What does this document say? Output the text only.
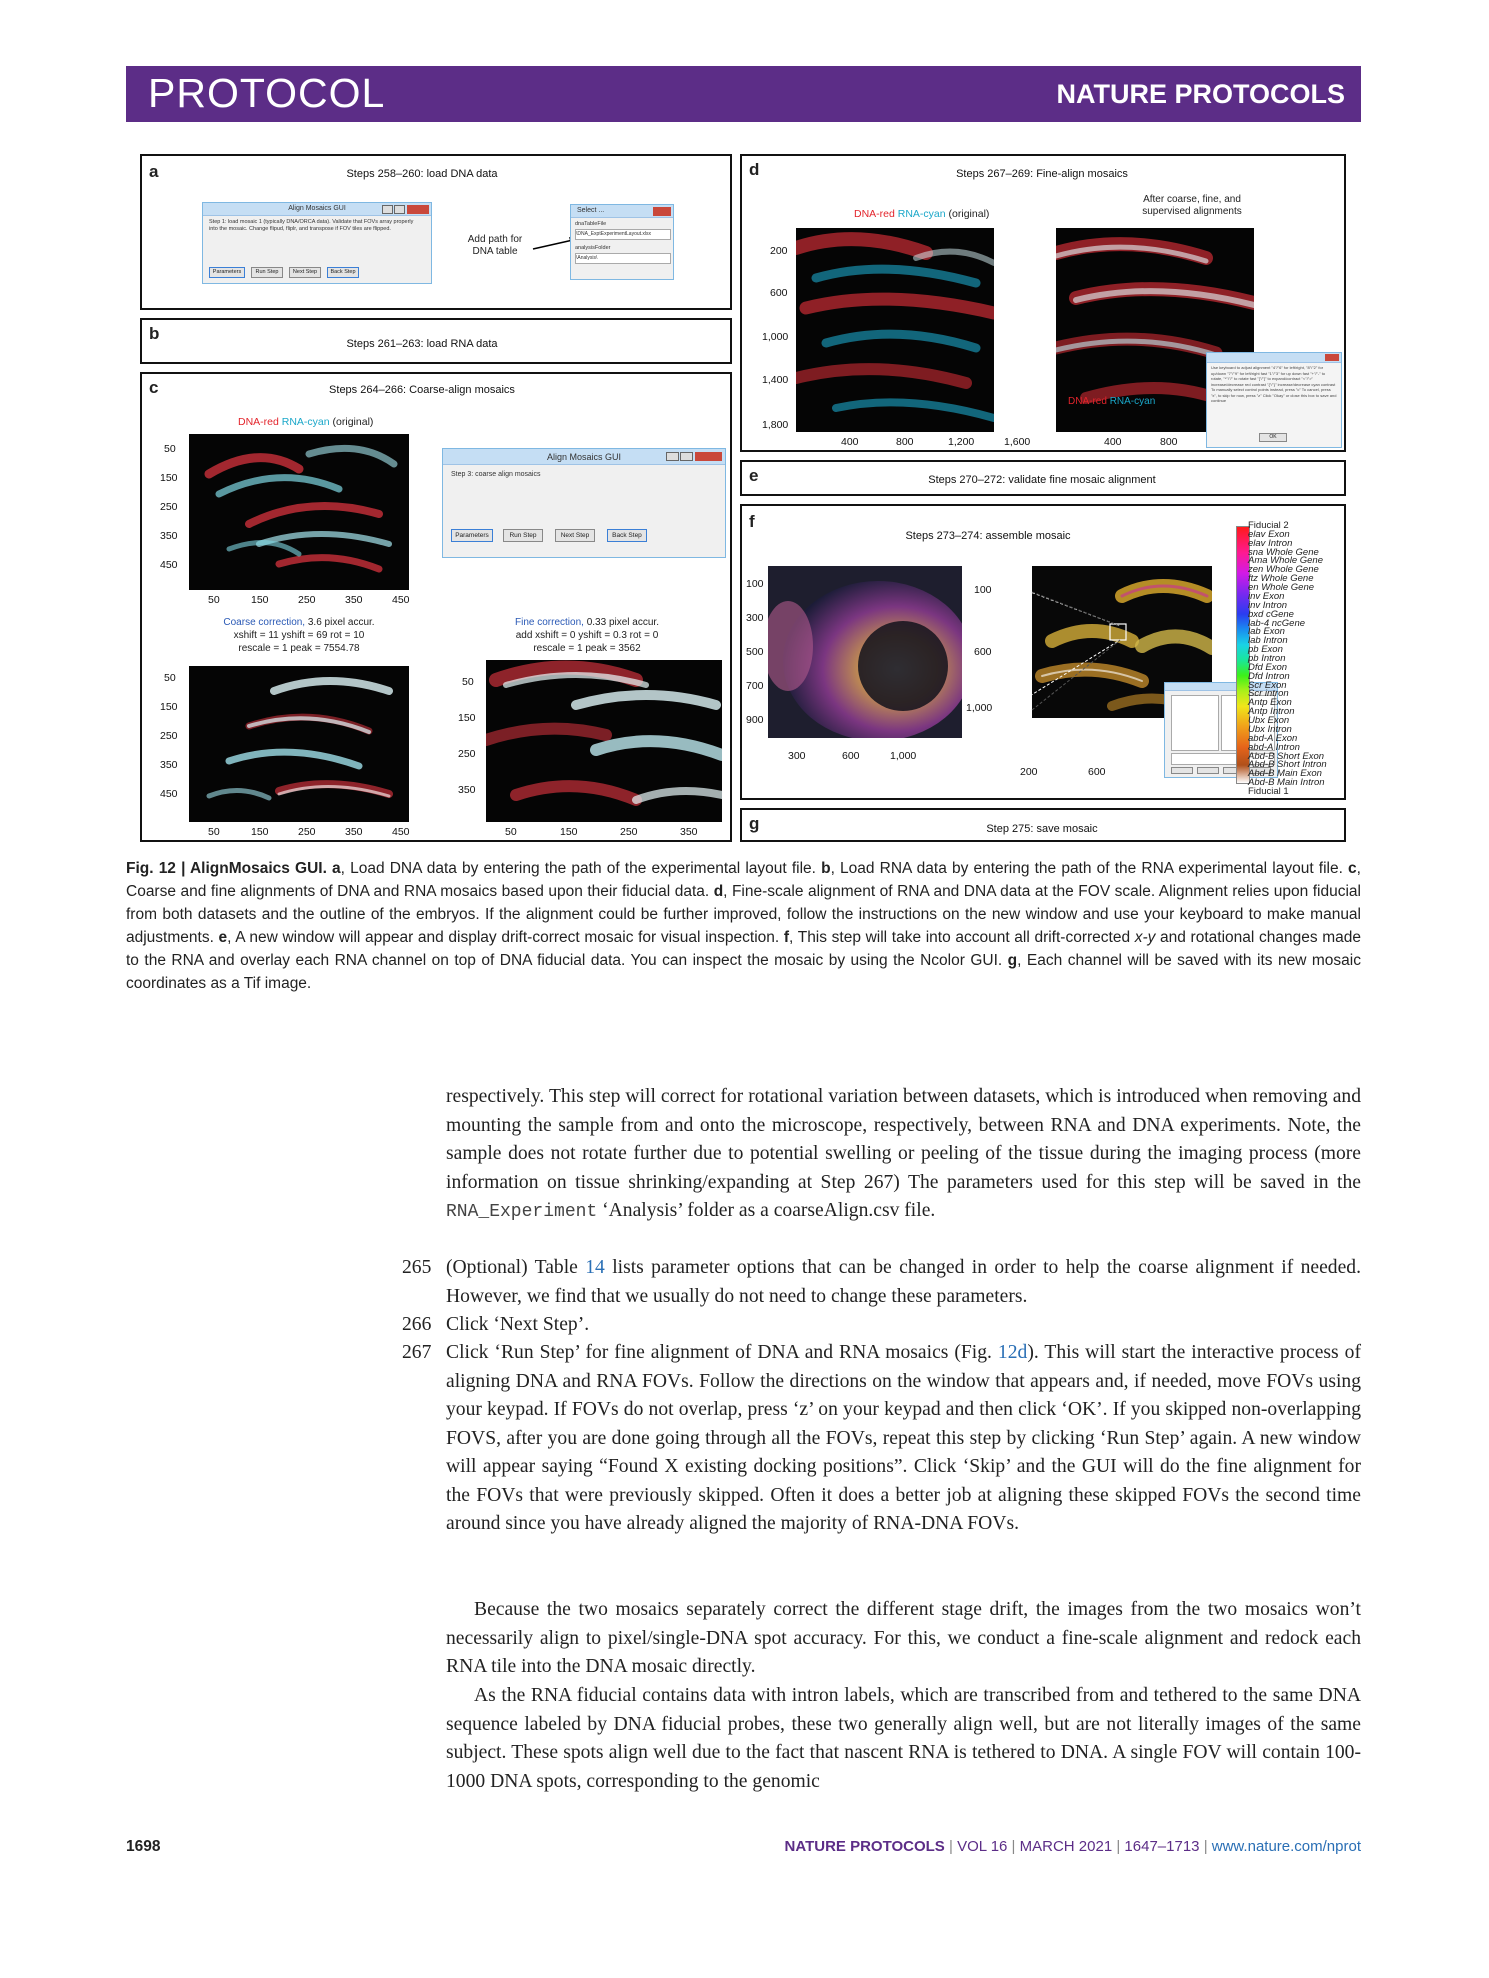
PROTOCOL	NATURE PROTOCOLS
a	Steps 258–260: load DNA data
Align Mosaics GUI
Step 1: load mosaic 1 (typically DNA/ORCA data). Validate that FOVs array properly into the mosaic. Change flipud, fliplr, and transpose if FOV tiles are flipped.
Parameters	Run Step	Next Step	Back Step
Add path for DNA table
Select ...
dnaTableFile
\DNA_ExptExperimentLayout.xlsx
analysisFolder
\Analysis\
b
Steps 261–263: load RNA data
c	Steps 264–266: Coarse-align mosaics
DNA-red RNA-cyan (original)
50
150
250
350
450
50	150	250	350	450
Align Mosaics GUI
Step 3: coarse align mosaics
Parameters	Run Step	Next Step	Back Step
Coarse correction, 3.6 pixel accur.
xshift = 11 yshift = 69 rot = 10
rescale = 1 peak = 7554.78
Fine correction, 0.33 pixel accur.
add xshift = 0 yshift = 0.3 rot = 0
rescale = 1 peak = 3562
50
150
250
350
450
50	150	250	350	450
50
150
250
350
50	150	250	350
d	Steps 267–269: Fine-align mosaics
DNA-red RNA-cyan (original)
After coarse, fine, and supervised alignments
DNA-red RNA-cyan
Use keyboard to adjust alignment "4"/"6" for left/right, "8"/"2" for up/down "7"/"9" for left/right fast "1"/"3" for up down fast "+"/"-" to rotate, "*"/"/" to rotate fast "["/"]" to expand/contract "<"/">" increase/decrease red contrast "{"/"}" increase/decrease cyan contrast To manually select control points instead, press "c" To cancel, press "x", to skip for now, press "z" Click "Okay" or close this box to save and continue
OK
200
600
1,000
1,400
1,800
400	800	1,200	1,600	400	800
e	Steps 270–272: validate fine mosaic alignment
f
Steps 273–274: assemble mosaic
Fiducial 2
elav Exon
elav Intron
sna Whole Gene
Ama Whole Gene
zen Whole Gene
ftz Whole Gene
en Whole Gene
inv Exon
inv Intron
bxd cGene
lab-4 ncGene
lab Exon
lab Intron
pb Exon
pb Intron
Dfd Exon
Dfd Intron
Scr Exon
Scr intron
Antp Exon
Antp Intron
Ubx Exon
Ubx Intron
abd-A Exon
abd-A Intron
Abd-B Short Exon
Abd-B Short Intron
Abd-B Main Exon
Abd-B Main Intron
Fiducial 1
100
300
500
700
900
300	600	1,000
100
600
1,000
200	600
g	Step 275: save mosaic
Fig. 12 | AlignMosaics GUI. a, Load DNA data by entering the path of the experimental layout file. b, Load RNA data by entering the path of the RNA experimental layout file. c, Coarse and fine alignments of DNA and RNA mosaics based upon their fiducial data. d, Fine-scale alignment of RNA and DNA data at the FOV scale. Alignment relies upon fiducial from both datasets and the outline of the embryos. If the alignment could be further improved, follow the instructions on the new window and use your keyboard to make manual adjustments. e, A new window will appear and display drift-correct mosaic for visual inspection. f, This step will take into account all drift-corrected x-y and rotational changes made to the RNA and overlay each RNA channel on top of DNA fiducial data. You can inspect the mosaic by using the Ncolor GUI. g, Each channel will be saved with its new mosaic coordinates as a Tif image.
respectively. This step will correct for rotational variation between datasets, which is introduced when removing and mounting the sample from and onto the microscope, respectively, between RNA and DNA experiments. Note, the sample does not rotate further due to potential swelling or peeling of the tissue during the imaging process (more information on tissue shrinking/expanding at Step 267) The parameters used for this step will be saved in the RNA_Experiment ‘Analysis’ folder as a coarseAlign.csv file.
265 (Optional) Table 14 lists parameter options that can be changed in order to help the coarse alignment if needed. However, we find that we usually do not need to change these parameters.
266 Click ‘Next Step’.
267 Click ‘Run Step’ for fine alignment of DNA and RNA mosaics (Fig. 12d). This will start the interactive process of aligning DNA and RNA FOVs. Follow the directions on the window that appears and, if needed, move FOVs using your keypad. If FOVs do not overlap, press ‘z’ on your keypad and then click ‘OK’. If you skipped non-overlapping FOVS, after you are done going through all the FOVs, repeat this step by clicking ‘Run Step’ again. A new window will appear saying “Found X existing docking positions”. Click ‘Skip’ and the GUI will do the fine alignment for the FOVs that were previously skipped. Often it does a better job at aligning these skipped FOVs the second time around since you have already aligned the majority of RNA-DNA FOVs.
Because the two mosaics separately correct the different stage drift, the images from the two mosaics won’t necessarily align to pixel/single-DNA spot accuracy. For this, we conduct a fine-scale alignment and redock each RNA tile into the DNA mosaic directly.
As the RNA fiducial contains data with intron labels, which are transcribed from and tethered to the same DNA sequence labeled by DNA fiducial probes, these two generally align well, but are not literally images of the same subject. These spots align well due to the fact that nascent RNA is tethered to DNA. A single FOV will contain 100-1000 DNA spots, corresponding to the genomic
1698	NATURE PROTOCOLS | VOL 16 | MARCH 2021 | 1647–1713 | www.nature.com/nprot
